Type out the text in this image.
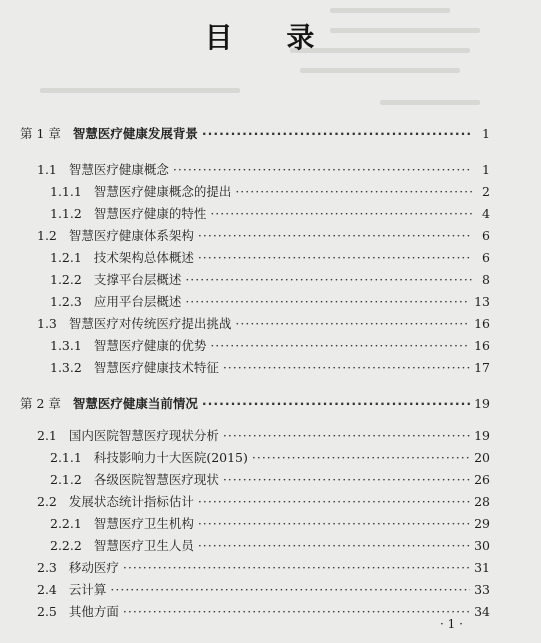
目 录
第 1 章 智慧医疗健康发展背景 ·····	1
1.1 智慧医疗健康概念 ·····	1
1.1.1 智慧医疗健康概念的提出 ·····	2
1.1.2 智慧医疗健康的特性 ·····	4
1.2 智慧医疗健康体系架构 ·····	6
1.2.1 技术架构总体概述 ·····	6
1.2.2 支撑平台层概述 ·····	8
1.2.3 应用平台层概述 ·····	13
1.3 智慧医疗对传统医疗提出挑战 ·····	16
1.3.1 智慧医疗健康的优势 ·····	16
1.3.2 智慧医疗健康技术特征 ·····	17
第 2 章 智慧医疗健康当前情况 ·····	19
2.1 国内医院智慧医疗现状分析 ·····	19
2.1.1 科技影响力十大医院(2015) ·····	20
2.1.2 各级医院智慧医疗现状 ·····	26
2.2 发展状态统计指标估计 ·····	28
2.2.1 智慧医疗卫生机构 ·····	29
2.2.2 智慧医疗卫生人员 ·····	30
2.3 移动医疗 ·····	31
2.4 云计算 ·····	33
2.5 其他方面 ·····	34
· 1 ·
